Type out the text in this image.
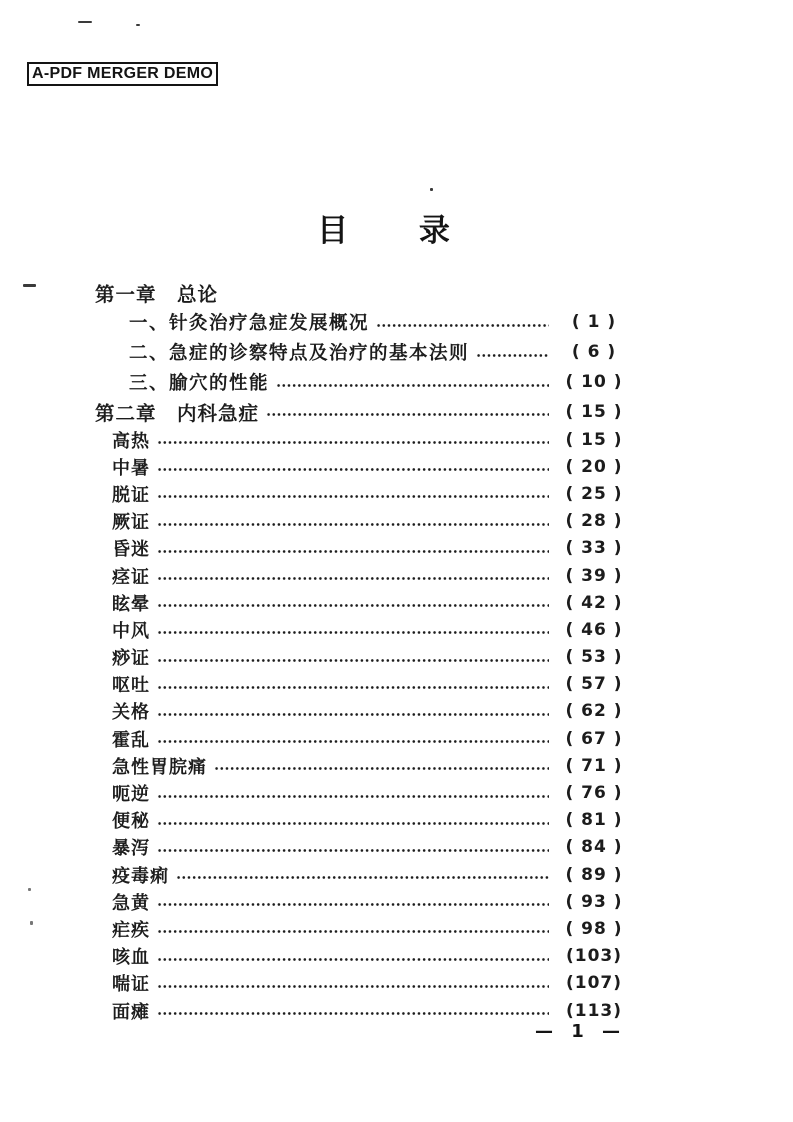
A-PDF MERGER DEMO
目 录
第一章　总论
一、针灸治疗急症发展概况	( 1 )
二、急症的诊察特点及治疗的基本法则	( 6 )
三、腧穴的性能	( 10 )
第二章　内科急症	( 15 )
高热	( 15 )
中暑	( 20 )
脱证	( 25 )
厥证	( 28 )
昏迷	( 33 )
痉证	( 39 )
眩晕	( 42 )
中风	( 46 )
痧证	( 53 )
呕吐	( 57 )
关格	( 62 )
霍乱	( 67 )
急性胃脘痛	( 71 )
呃逆	( 76 )
便秘	( 81 )
暴泻	( 84 )
疫毒痢	( 89 )
急黄	( 93 )
疟疾	( 98 )
咳血	(103)
喘证	(107)
面瘫	(113)
— 1 —
